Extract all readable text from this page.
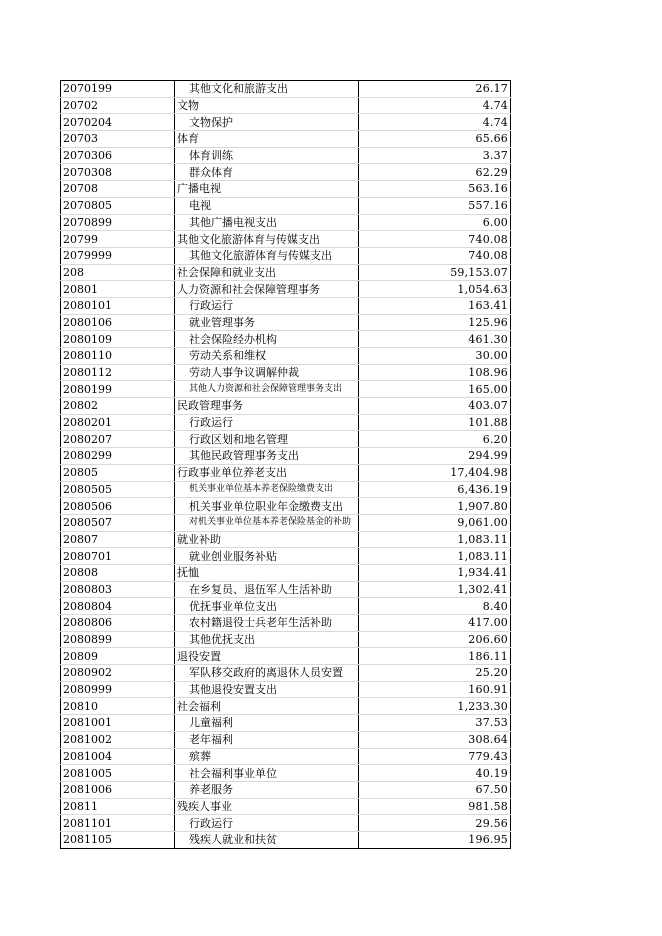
2070199	其他文化和旅游支出	26.17
20702	文物	4.74
2070204	文物保护	4.74
20703	体育	65.66
2070306	体育训练	3.37
2070308	群众体育	62.29
20708	广播电视	563.16
2070805	电视	557.16
2070899	其他广播电视支出	6.00
20799	其他文化旅游体育与传媒支出	740.08
2079999	其他文化旅游体育与传媒支出	740.08
208	社会保障和就业支出	59,153.07
20801	人力资源和社会保障管理事务	1,054.63
2080101	行政运行	163.41
2080106	就业管理事务	125.96
2080109	社会保险经办机构	461.30
2080110	劳动关系和维权	30.00
2080112	劳动人事争议调解仲裁	108.96
2080199	其他人力资源和社会保障管理事务支出	165.00
20802	民政管理事务	403.07
2080201	行政运行	101.88
2080207	行政区划和地名管理	6.20
2080299	其他民政管理事务支出	294.99
20805	行政事业单位养老支出	17,404.98
2080505	机关事业单位基本养老保险缴费支出	6,436.19
2080506	机关事业单位职业年金缴费支出	1,907.80
2080507	对机关事业单位基本养老保险基金的补助	9,061.00
20807	就业补助	1,083.11
2080701	就业创业服务补贴	1,083.11
20808	抚恤	1,934.41
2080803	在乡复员、退伍军人生活补助	1,302.41
2080804	优抚事业单位支出	8.40
2080806	农村籍退役士兵老年生活补助	417.00
2080899	其他优抚支出	206.60
20809	退役安置	186.11
2080902	军队移交政府的离退休人员安置	25.20
2080999	其他退役安置支出	160.91
20810	社会福利	1,233.30
2081001	儿童福利	37.53
2081002	老年福利	308.64
2081004	殡葬	779.43
2081005	社会福利事业单位	40.19
2081006	养老服务	67.50
20811	残疾人事业	981.58
2081101	行政运行	29.56
2081105	残疾人就业和扶贫	196.95
